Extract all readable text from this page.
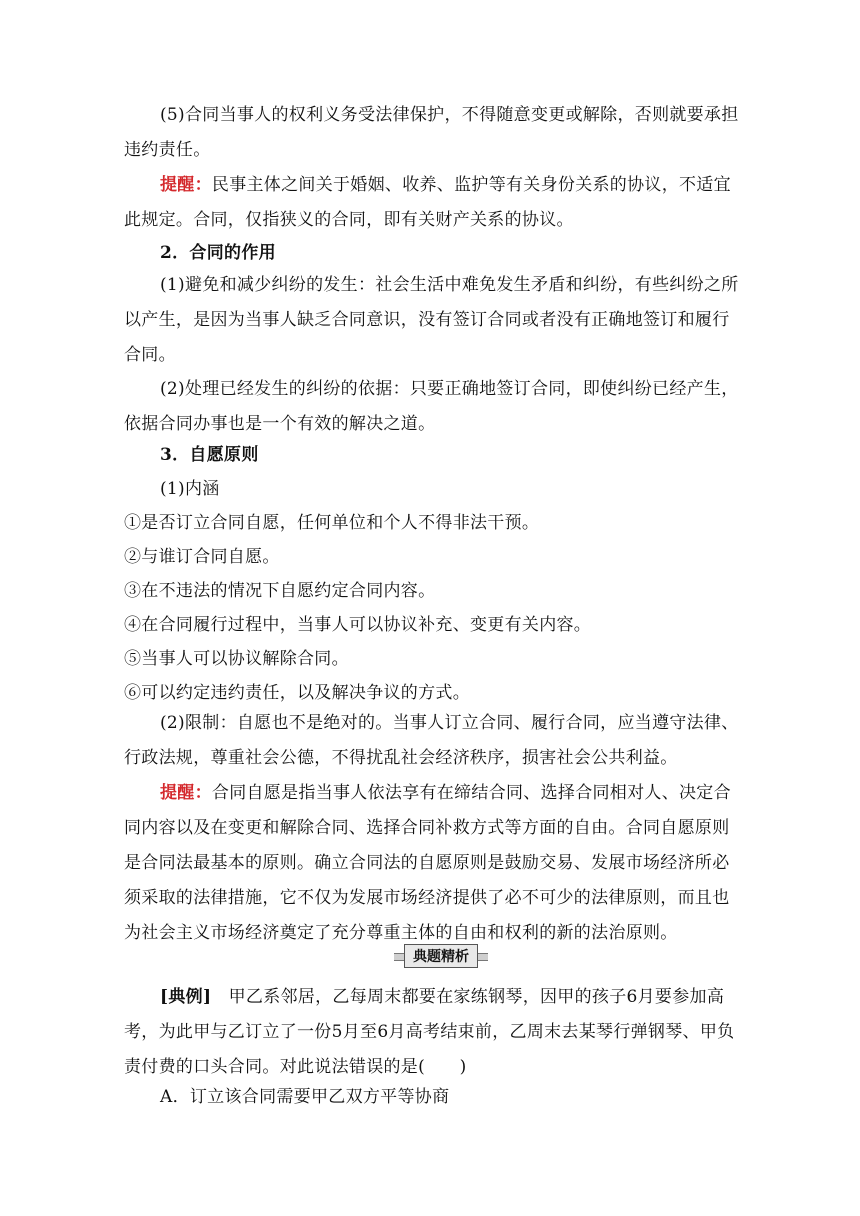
(5)合同当事人的权利义务受法律保护，不得随意变更或解除，否则就要承担违约责任。

提醒：民事主体之间关于婚姻、收养、监护等有关身份关系的协议，不适宜此规定。合同，仅指狭义的合同，即有关财产关系的协议。

2．合同的作用

(1)避免和减少纠纷的发生：社会生活中难免发生矛盾和纠纷，有些纠纷之所以产生，是因为当事人缺乏合同意识，没有签订合同或者没有正确地签订和履行合同。

(2)处理已经发生的纠纷的依据：只要正确地签订合同，即使纠纷已经产生，依据合同办事也是一个有效的解决之道。

3．自愿原则

(1)内涵

①是否订立合同自愿，任何单位和个人不得非法干预。

②与谁订合同自愿。

③在不违法的情况下自愿约定合同内容。

④在合同履行过程中，当事人可以协议补充、变更有关内容。

⑤当事人可以协议解除合同。

⑥可以约定违约责任，以及解决争议的方式。

(2)限制：自愿也不是绝对的。当事人订立合同、履行合同，应当遵守法律、行政法规，尊重社会公德，不得扰乱社会经济秩序，损害社会公共利益。

提醒：合同自愿是指当事人依法享有在缔结合同、选择合同相对人、决定合同内容以及在变更和解除合同、选择合同补救方式等方面的自由。合同自愿原则是合同法最基本的原则。确立合同法的自愿原则是鼓励交易、发展市场经济所必须采取的法律措施，它不仅为发展市场经济提供了必不可少的法律原则，而且也为社会主义市场经济奠定了充分尊重主体的自由和权利的新的法治原则。

典题精析

[典例]　 甲乙系邻居，乙每周末都要在家练钢琴，因甲的孩子6月要参加高考，为此甲与乙订立了一份5月至6月高考结束前，乙周末去某琴行弹钢琴、甲负责付费的口头合同。对此说法错误的是(　　)

A．订立该合同需要甲乙双方平等协商
